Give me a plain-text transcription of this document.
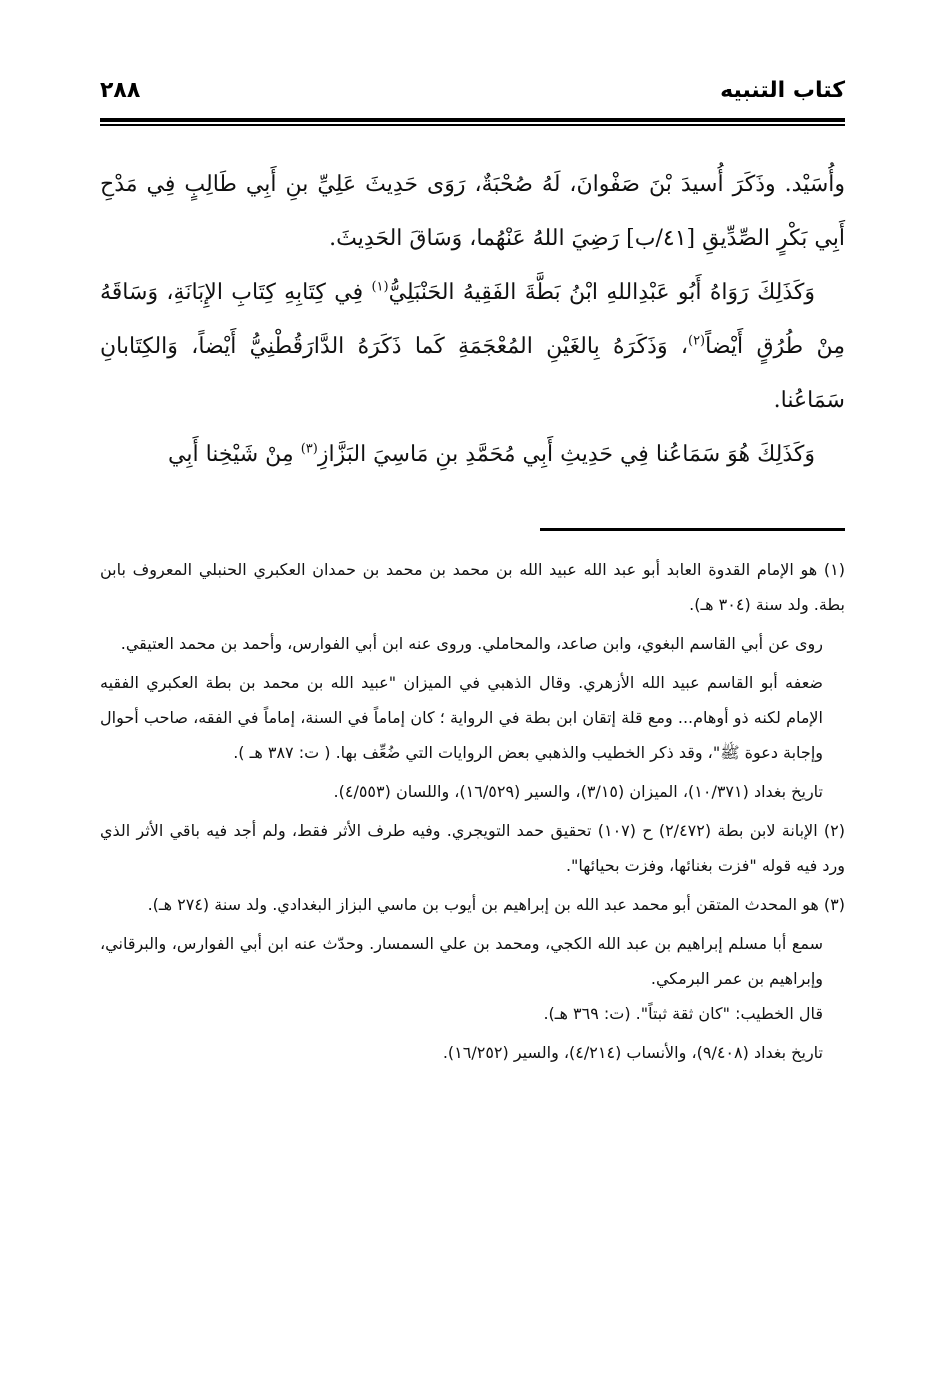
كتاب التنبيه
٢٨٨

وأُسَيْد. وذَكَرَ أُسيدَ بْنَ صَفْوانَ، لَهُ صُحْبَةٌ، رَوَى حَدِيثَ عَلِيِّ بنِ أَبِي طَالِبٍ فِي مَدْحِ أَبِي بَكْرٍ الصِّدِّيقِ [٤١/ب] رَضِيَ اللهُ عَنْهُما، وَسَاقَ الحَدِيثَ.

وَكَذَلِكَ رَوَاهُ أَبُو عَبْدِاللهِ ابْنُ بَطَّةَ الفَقِيهُ الحَنْبَلِيُّ$^{(١)}$ فِي كِتَابِهِ كِتَابِ الإِبَانَةِ، وَسَاقَهُ مِنْ طُرُقٍ أَيْضاً$^{(٢)}$، وَذَكَرَهُ بِالغَيْنِ المُعْجَمَةِ كَما ذَكَرَهُ الدَّارَقُطْنِيُّ أَيْضاً، وَالكِتَابانِ سَمَاعُنا.

وَكَذَلِكَ هُوَ سَمَاعُنا فِي حَدِيثِ أَبِي مُحَمَّدِ بنِ مَاسِيَ البَزَّازِ$^{(٣)}$ مِنْ شَيْخِنا أَبِي

(١) هو الإمام القدوة العابد أبو عبد الله عبيد الله بن محمد بن محمد بن حمدان العكبري الحنبلي المعروف بابن بطة. ولد سنة (٣٠٤ هـ).

روى عن أبي القاسم البغوي، وابن صاعد، والمحاملي. وروى عنه ابن أبي الفوارس، وأحمد بن محمد العتيقي.

ضعفه أبو القاسم عبيد الله الأزهري. وقال الذهبي في الميزان "عبيد الله بن محمد بن بطة العكبري الفقيه الإمام لكنه ذو أوهام... ومع قلة إتقان ابن بطة في الرواية ؛ كان إماماً في السنة، إماماً في الفقه، صاحب أحوال وإجابة دعوة ﷺ"، وقد ذكر الخطيب والذهبي بعض الروايات التي ضُعِّف بها. ( ت: ٣٨٧ هـ ).

تاريخ بغداد (١٠/٣٧١)، الميزان (٣/١٥)، والسير (١٦/٥٢٩)، واللسان (٤/٥٥٣).

(٢) الإبانة لابن بطة (٢/٤٧٢) ح (١٠٧) تحقيق حمد التويجري. وفيه طرف الأثر فقط، ولم أجد فيه باقي الأثر الذي ورد فيه قوله "فزت بغنائها، وفزت بحيائها".

(٣) هو المحدث المتقن أبو محمد عبد الله بن إبراهيم بن أيوب بن ماسي البزاز البغدادي. ولد سنة (٢٧٤ هـ).

سمع أبا مسلم إبراهيم بن عبد الله الكجي، ومحمد بن علي السمسار. وحدّث عنه ابن أبي الفوارس، والبرقاني، وإبراهيم بن عمر البرمكي.

قال الخطيب: "كان ثقة ثبتاً". (ت: ٣٦٩ هـ).

تاريخ بغداد (٩/٤٠٨)، والأنساب (٤/٢١٤)، والسير (١٦/٢٥٢).
